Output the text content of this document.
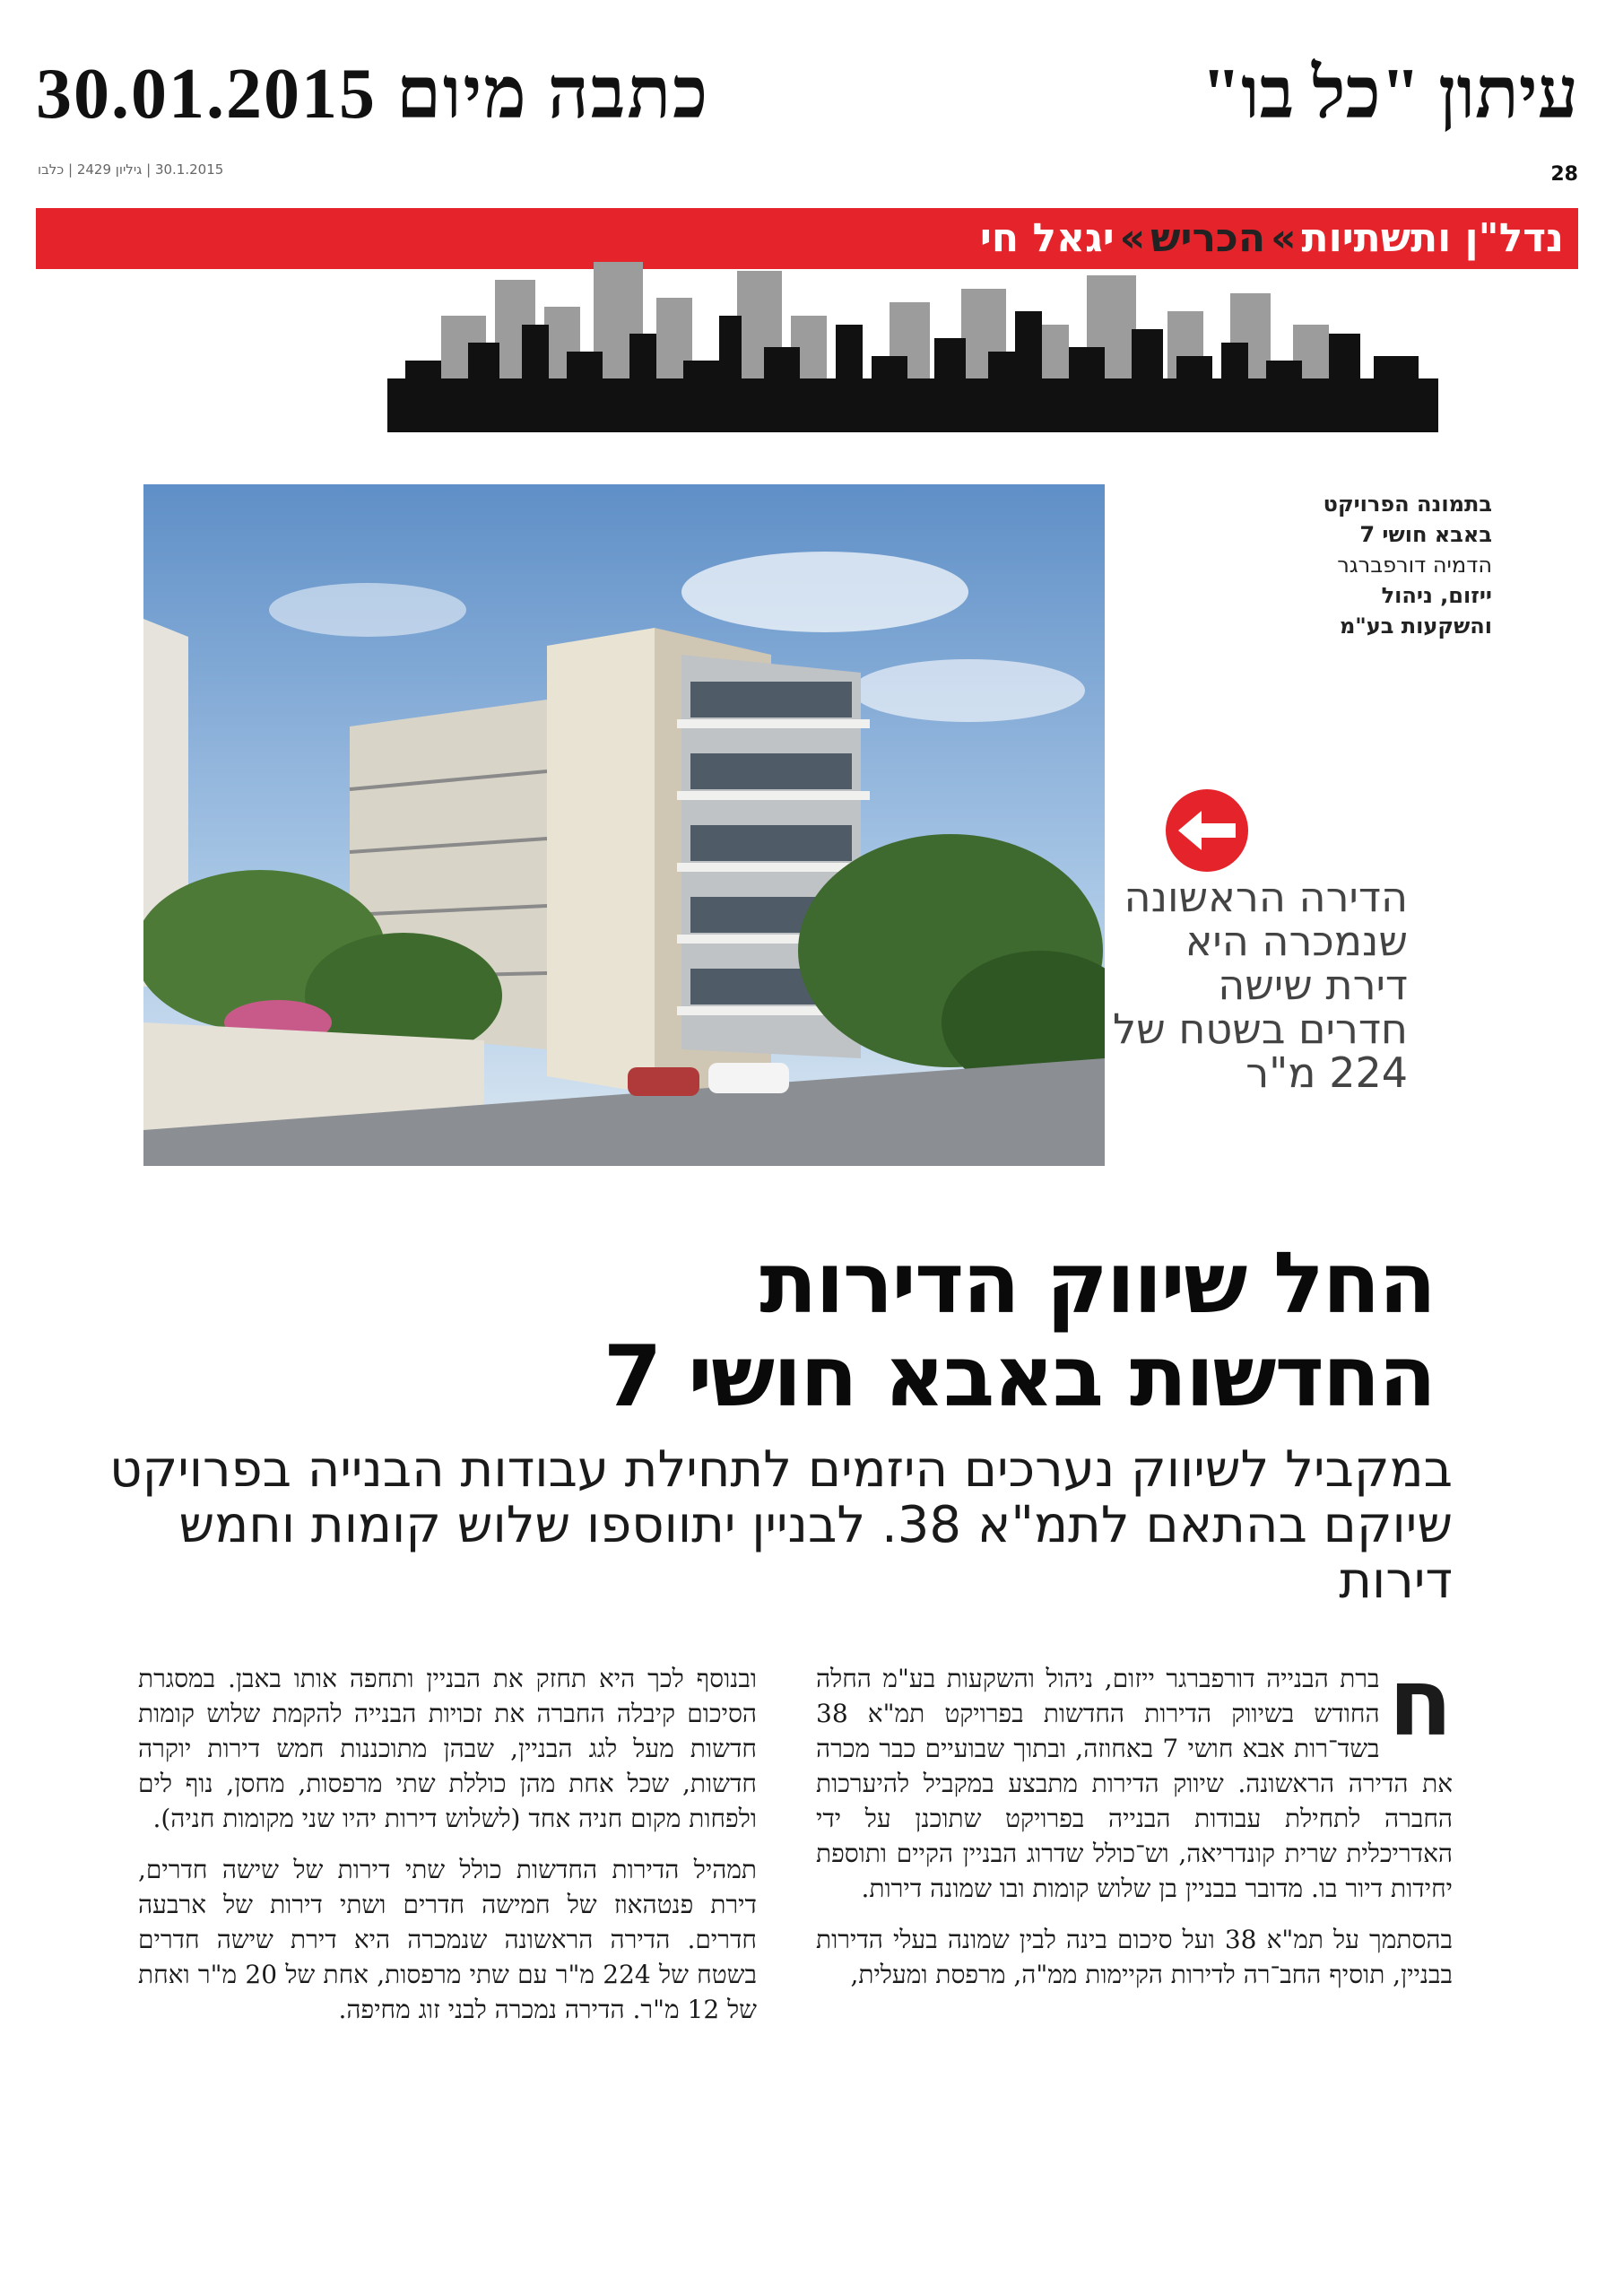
כתבה מיום 30.01.2015	עיתון "כל בו"
30.1.2015 | גיליון 2429 | כלבו	28
נדל"ן ותשתיות»הכריש»יגאל חי
בתמונה הפרויקט
באבא חושי 7
הדמיה דורפברגר
ייזום, ניהול
והשקעות בע"מ
הדירה הראשונה שנמכרה היא דירת שישה חדרים בשטח של 224 מ"ר
החל שיווק הדירות
החדשות באבא חושי 7
במקביל לשיווק נערכים היזמים לתחילת עבודות הבנייה בפרויקט שיוקם בהתאם לתמ"א 38. לבניין יתווספו שלוש קומות וחמש דירות

ח
ברת הבנייה דורפברגר ייזום, ניהול והשקעות בע"מ החלה החודש בשיווק הדירות החדשות בפרויקט תמ"א 38 בשד־רות אבא חושי 7 באחוזה, ובתוך שבועיים כבר מכרה את הדירה הראשונה. שיווק הדירות מתבצע במקביל להיערכות החברה לתחילת עבודות הבנייה בפרויקט שתוכנן על ידי האדריכלית שרית קונדריאה, וש־כולל שדרוג הבניין הקיים ותוספת יחידות דיור בו. מדובר בבניין בן שלוש קומות ובו שמונה דירות.

בהסתמך על תמ"א 38 ועל סיכום בינה לבין שמונה בעלי הדירות בבניין, תוסיף החב־רה לדירות הקיימות ממ"ה, מרפסת ומעלית,

ובנוסף לכך היא תחזק את הבניין ותחפה אותו באבן. במסגרת הסיכום קיבלה החברה את זכויות הבנייה להקמת שלוש קומות חדשות מעל לגג הבניין, שבהן מתוכננות חמש דירות יוקרה חדשות, שכל אחת מהן כוללת שתי מרפסות, מחסן, נוף לים ולפחות מקום חניה אחד (לשלוש דירות יהיו שני מקומות חניה).

תמהיל הדירות החדשות כולל שתי דירות של שישה חדרים, דירת פנטהאוז של חמישה חדרים ושתי דירות של ארבעה חדרים. הדירה הראשונה שנמכרה היא דירת שישה חדרים בשטח של 224 מ"ר עם שתי מרפסות, אחת של 20 מ"ר ואחת של 12 מ"ר. הדירה נמכרה לבני זוג מחיפה.
